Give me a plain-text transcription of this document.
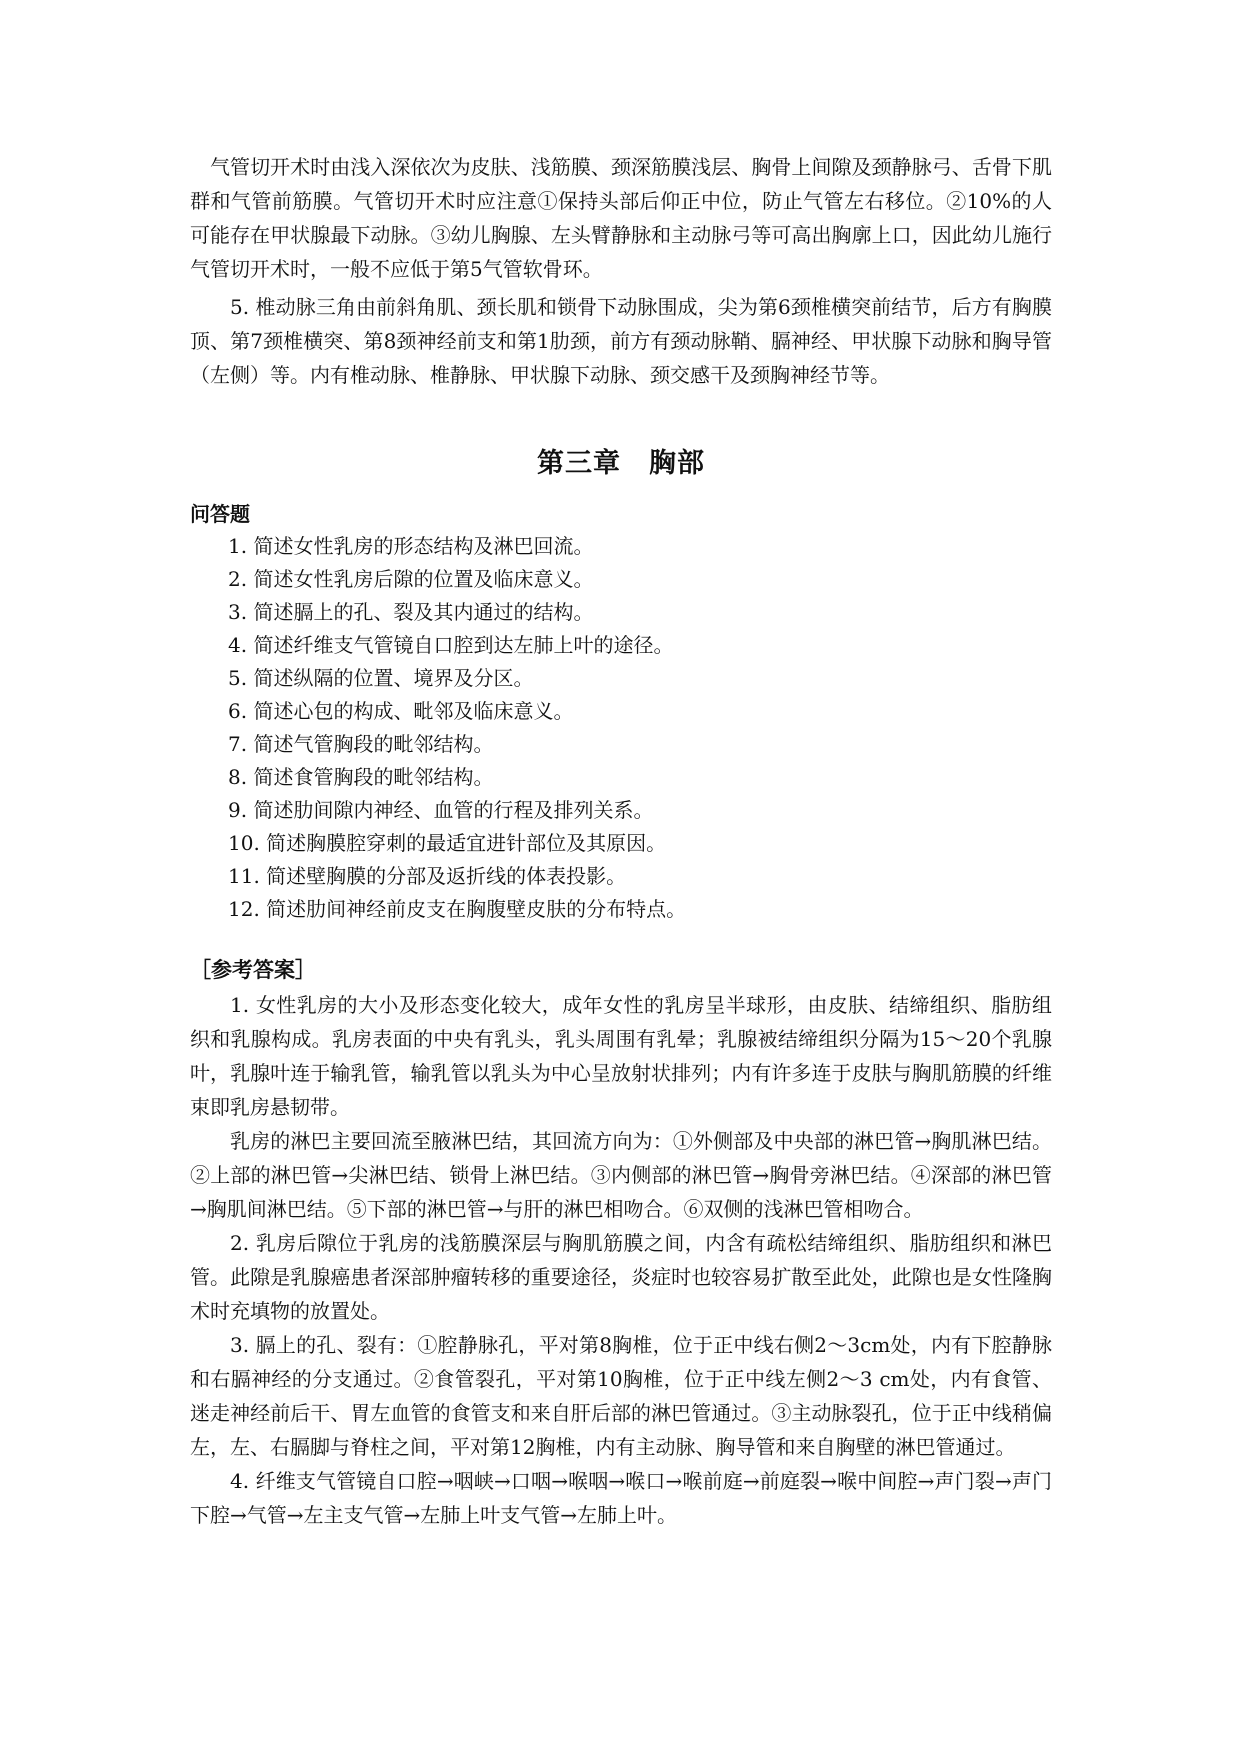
气管切开术时由浅入深依次为皮肤、浅筋膜、颈深筋膜浅层、胸骨上间隙及颈静脉弓、舌骨下肌群和气管前筋膜。气管切开术时应注意①保持头部后仰正中位，防止气管左右移位。②10%的人可能存在甲状腺最下动脉。③幼儿胸腺、左头臂静脉和主动脉弓等可高出胸廓上口，因此幼儿施行气管切开术时，一般不应低于第5气管软骨环。

5. 椎动脉三角由前斜角肌、颈长肌和锁骨下动脉围成，尖为第6颈椎横突前结节，后方有胸膜顶、第7颈椎横突、第8颈神经前支和第1肋颈，前方有颈动脉鞘、膈神经、甲状腺下动脉和胸导管（左侧）等。内有椎动脉、椎静脉、甲状腺下动脉、颈交感干及颈胸神经节等。

第三章　胸部
问答题
1. 简述女性乳房的形态结构及淋巴回流。
2. 简述女性乳房后隙的位置及临床意义。
3. 简述膈上的孔、裂及其内通过的结构。
4. 简述纤维支气管镜自口腔到达左肺上叶的途径。
5. 简述纵隔的位置、境界及分区。
6. 简述心包的构成、毗邻及临床意义。
7. 简述气管胸段的毗邻结构。
8. 简述食管胸段的毗邻结构。
9. 简述肋间隙内神经、血管的行程及排列关系。
10. 简述胸膜腔穿刺的最适宜进针部位及其原因。
11. 简述壁胸膜的分部及返折线的体表投影。
12. 简述肋间神经前皮支在胸腹壁皮肤的分布特点。
［参考答案］

1. 女性乳房的大小及形态变化较大，成年女性的乳房呈半球形，由皮肤、结缔组织、脂肪组织和乳腺构成。乳房表面的中央有乳头，乳头周围有乳晕；乳腺被结缔组织分隔为15～20个乳腺叶，乳腺叶连于输乳管，输乳管以乳头为中心呈放射状排列；内有许多连于皮肤与胸肌筋膜的纤维束即乳房悬韧带。

乳房的淋巴主要回流至腋淋巴结，其回流方向为：①外侧部及中央部的淋巴管→胸肌淋巴结。②上部的淋巴管→尖淋巴结、锁骨上淋巴结。③内侧部的淋巴管→胸骨旁淋巴结。④深部的淋巴管→胸肌间淋巴结。⑤下部的淋巴管→与肝的淋巴相吻合。⑥双侧的浅淋巴管相吻合。

2. 乳房后隙位于乳房的浅筋膜深层与胸肌筋膜之间，内含有疏松结缔组织、脂肪组织和淋巴管。此隙是乳腺癌患者深部肿瘤转移的重要途径，炎症时也较容易扩散至此处，此隙也是女性隆胸术时充填物的放置处。

3. 膈上的孔、裂有：①腔静脉孔，平对第8胸椎，位于正中线右侧2～3cm处，内有下腔静脉和右膈神经的分支通过。②食管裂孔，平对第10胸椎，位于正中线左侧2～3 cm处，内有食管、迷走神经前后干、胃左血管的食管支和来自肝后部的淋巴管通过。③主动脉裂孔，位于正中线稍偏左，左、右膈脚与脊柱之间，平对第12胸椎，内有主动脉、胸导管和来自胸壁的淋巴管通过。

4. 纤维支气管镜自口腔→咽峡→口咽→喉咽→喉口→喉前庭→前庭裂→喉中间腔→声门裂→声门下腔→气管→左主支气管→左肺上叶支气管→左肺上叶。
